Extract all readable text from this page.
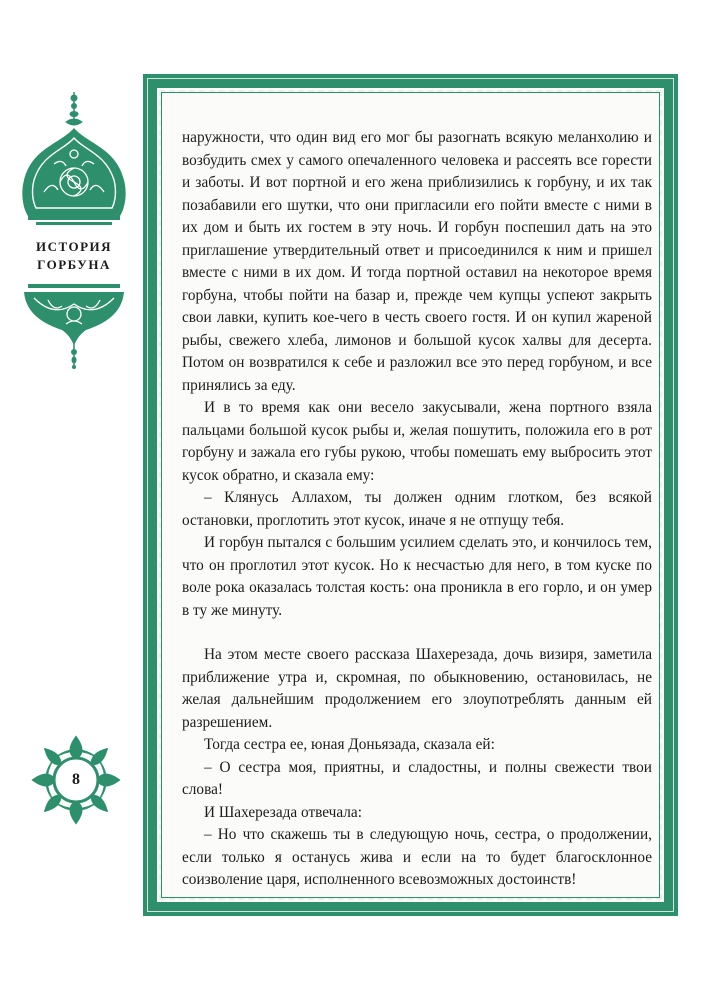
ИСТОРИЯ
ГОРБУНА
8

наружности, что один вид его мог бы разогнать всякую меланхолию и возбудить смех у самого опечаленного человека и рассеять все горести и заботы. И вот портной и его жена приблизились к горбуну, и их так позабавили его шутки, что они пригласили его пойти вместе с ними в их дом и быть их гостем в эту ночь. И горбун поспешил дать на это приглашение утвердительный ответ и присоединился к ним и пришел вместе с ними в их дом. И тогда портной оставил на некоторое время горбуна, чтобы пойти на базар и, прежде чем купцы успеют закрыть свои лавки, купить кое-чего в честь своего гостя. И он купил жареной рыбы, свежего хлеба, лимонов и большой кусок халвы для десерта. Потом он возвратился к себе и разложил все это перед горбуном, и все принялись за еду.

И в то время как они весело закусывали, жена портного взяла пальцами большой кусок рыбы и, желая пошутить, положила его в рот горбуну и зажала его губы рукою, чтобы помешать ему выбросить этот кусок обратно, и сказала ему:

– Клянусь Аллахом, ты должен одним глотком, без всякой остановки, проглотить этот кусок, иначе я не отпущу тебя.

И горбун пытался с большим усилием сделать это, и кончилось тем, что он проглотил этот кусок. Но к несчастью для него, в том куске по воле рока оказалась толстая кость: она проникла в его горло, и он умер в ту же минуту.

На этом месте своего рассказа Шахерезада, дочь визиря, заметила приближение утра и, скромная, по обыкновению, остановилась, не желая дальнейшим продолжением его злоупотреблять данным ей разрешением.

Тогда сестра ее, юная Доньязада, сказала ей:

– О сестра моя, приятны, и сладостны, и полны свежести твои слова!

И Шахерезада отвечала:

– Но что скажешь ты в следующую ночь, сестра, о продолжении, если только я останусь жива и если на то будет благосклонное соизволение царя, исполненного всевозможных достоинств!
